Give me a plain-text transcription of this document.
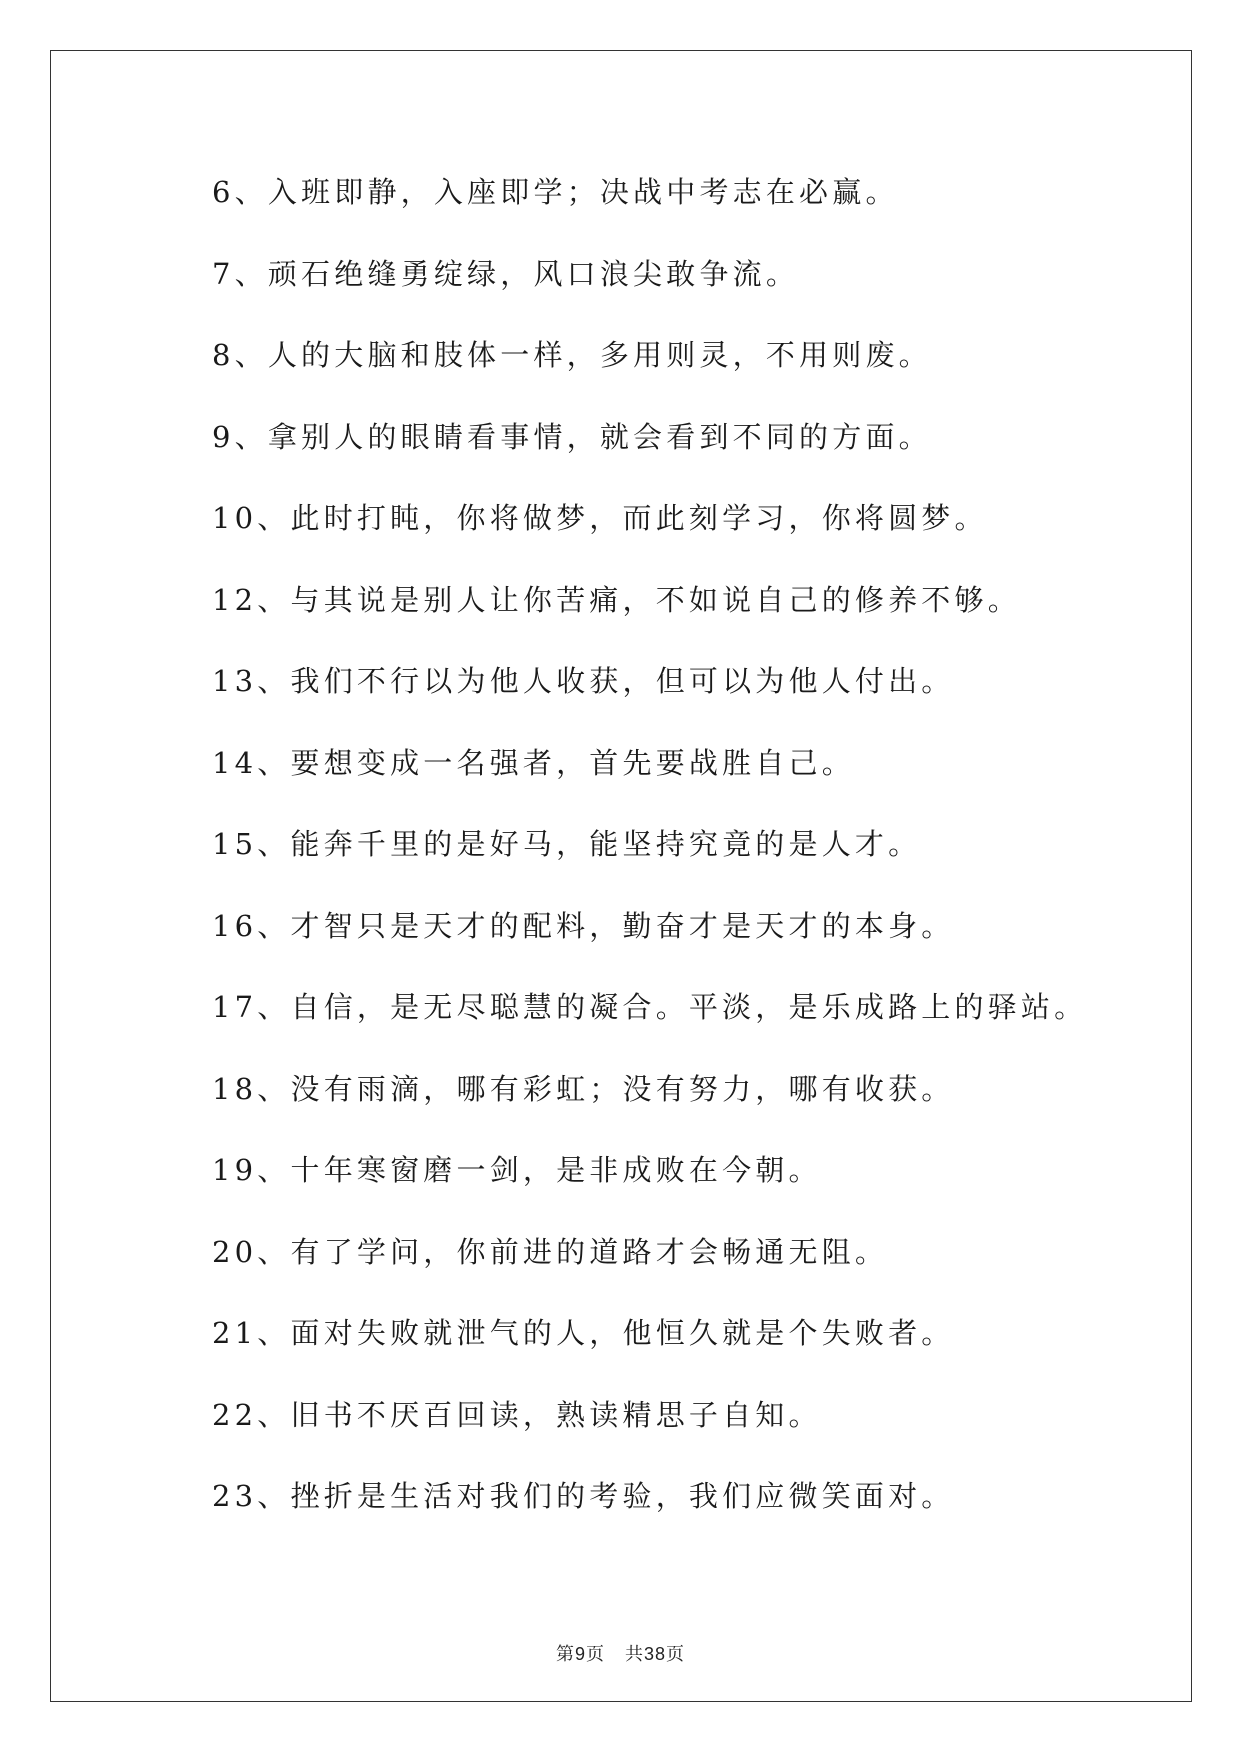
6、入班即静，入座即学；决战中考志在必赢。
7、顽石绝缝勇绽绿，风口浪尖敢争流。
8、人的大脑和肢体一样，多用则灵，不用则废。
9、拿别人的眼睛看事情，就会看到不同的方面。
10、此时打盹，你将做梦，而此刻学习，你将圆梦。
12、与其说是别人让你苦痛，不如说自己的修养不够。
13、我们不行以为他人收获，但可以为他人付出。
14、要想变成一名强者，首先要战胜自己。
15、能奔千里的是好马，能坚持究竟的是人才。
16、才智只是天才的配料，勤奋才是天才的本身。
17、自信，是无尽聪慧的凝合。平淡，是乐成路上的驿站。
18、没有雨滴，哪有彩虹；没有努力，哪有收获。
19、十年寒窗磨一剑，是非成败在今朝。
20、有了学问，你前进的道路才会畅通无阻。
21、面对失败就泄气的人，他恒久就是个失败者。
22、旧书不厌百回读，熟读精思子自知。
23、挫折是生活对我们的考验，我们应微笑面对。
第9页 共38页
